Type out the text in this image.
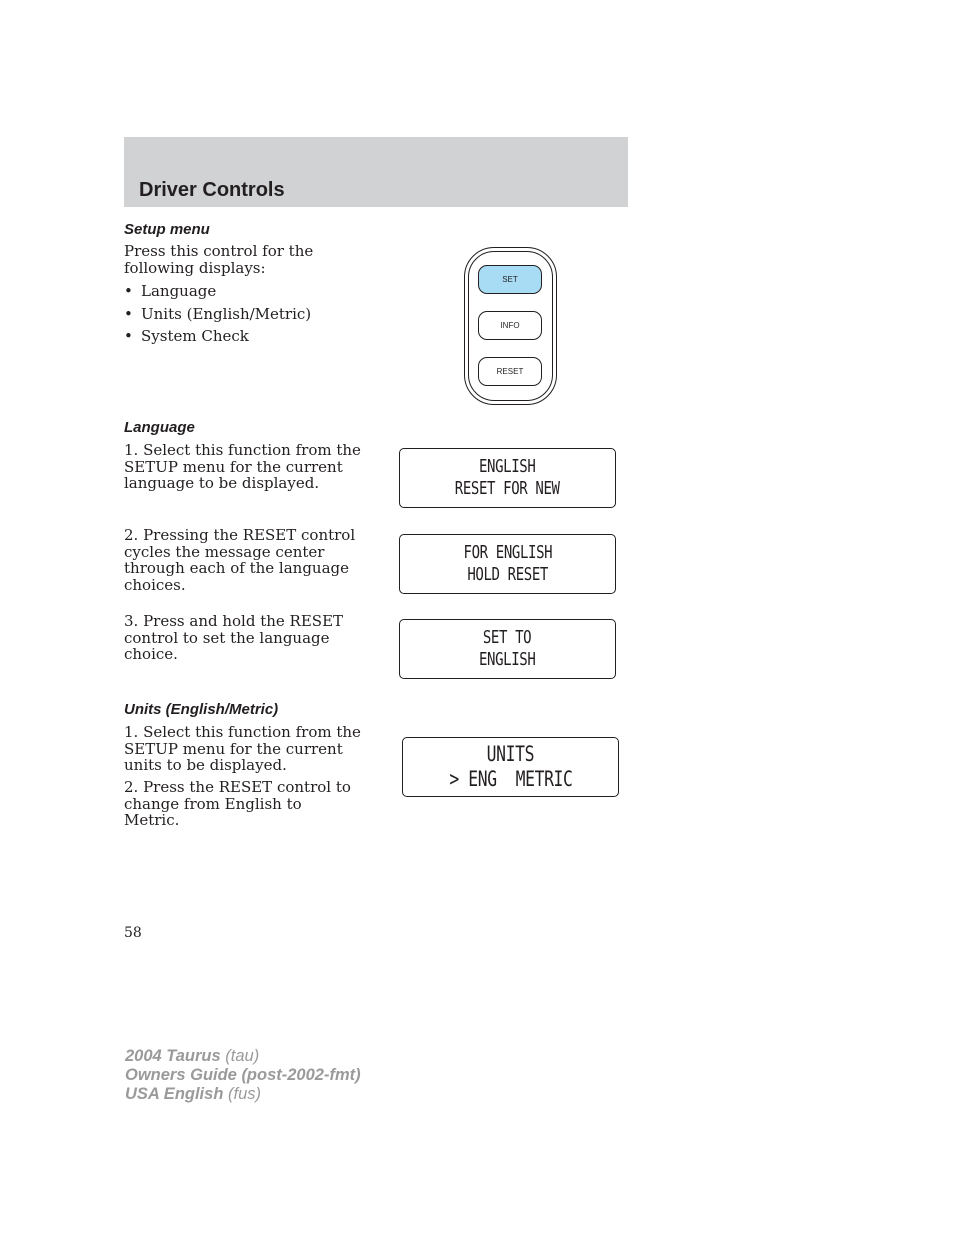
Driver Controls
Setup menu
Press this control for the following displays:
• Language
• Units (English/Metric)
• System Check
SET
INFO
RESET
Language
1. Select this function from the SETUP menu for the current language to be displayed.
2. Pressing the RESET control cycles the message center through each of the language choices.
3. Press and hold the RESET control to set the language choice.
ENGLISH
RESET FOR NEW
FOR ENGLISH
HOLD RESET
SET TO
ENGLISH
Units (English/Metric)
1. Select this function from the SETUP menu for the current units to be displayed.
2. Press the RESET control to change from English to Metric.
UNITS
> ENG  METRIC
58
2004 Taurus (tau)
Owners Guide (post-2002-fmt)
USA English (fus)
